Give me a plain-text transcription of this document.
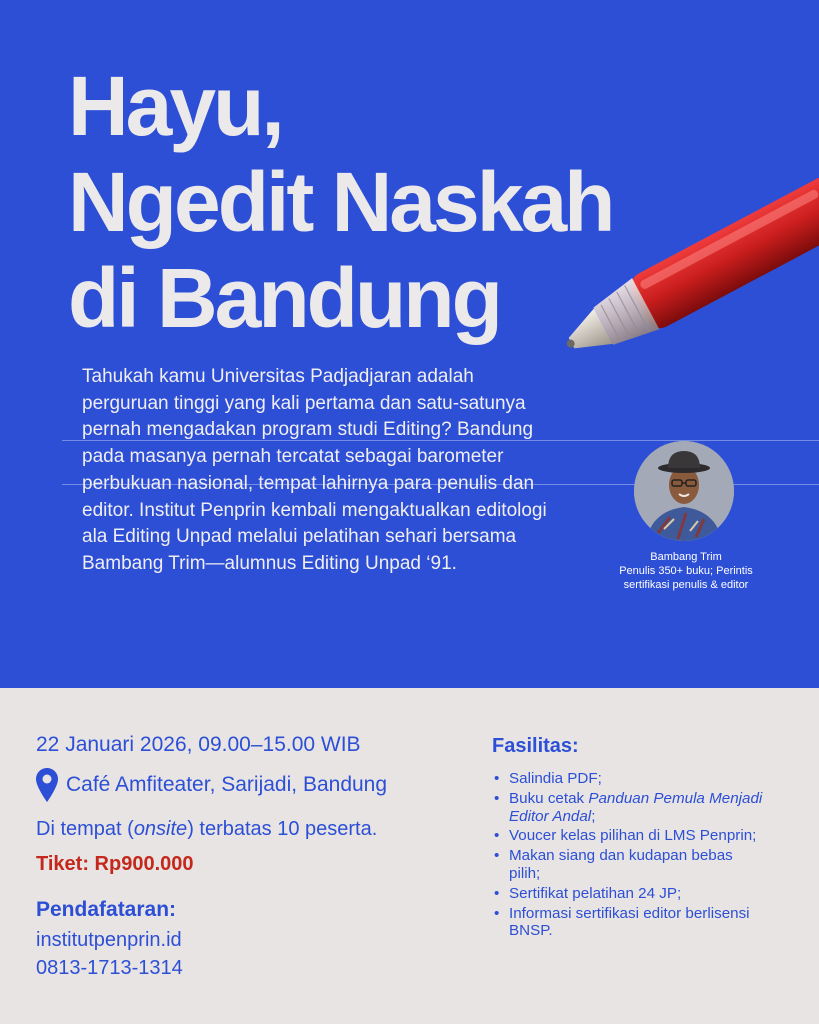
Hayu,
Ngedit Naskah
di Bandung

Tahukah kamu Universitas Padjadjaran adalah perguruan tinggi yang kali pertama dan satu-satunya pernah mengadakan program studi Editing? Bandung pada masanya pernah tercatat sebagai barometer perbukuan nasional, tempat lahirnya para penulis dan editor. Institut Penprin kembali mengaktualkan editologi ala Editing Unpad melalui pelatihan sehari bersama Bambang Trim—alumnus Editing Unpad ‘91.	Bambang Trim
Penulis 350+ buku; Perintis
sertifikasi penulis & editor
22 Januari 2026, 09.00–15.00 WIB
Café Amfiteater, Sarijadi, Bandung
Di tempat (onsite) terbatas 10 peserta.
Tiket: Rp900.000
Pendafataran:
institutpenprin.id
0813-1713-1314
Fasilitas:
• Salindia PDF;
• Buku cetak Panduan Pemula Menjadi Editor Andal;
• Voucer kelas pilihan di LMS Penprin;
• Makan siang dan kudapan bebas pilih;
• Sertifikat pelatihan 24 JP;
• Informasi sertifikasi editor berlisensi BNSP.
